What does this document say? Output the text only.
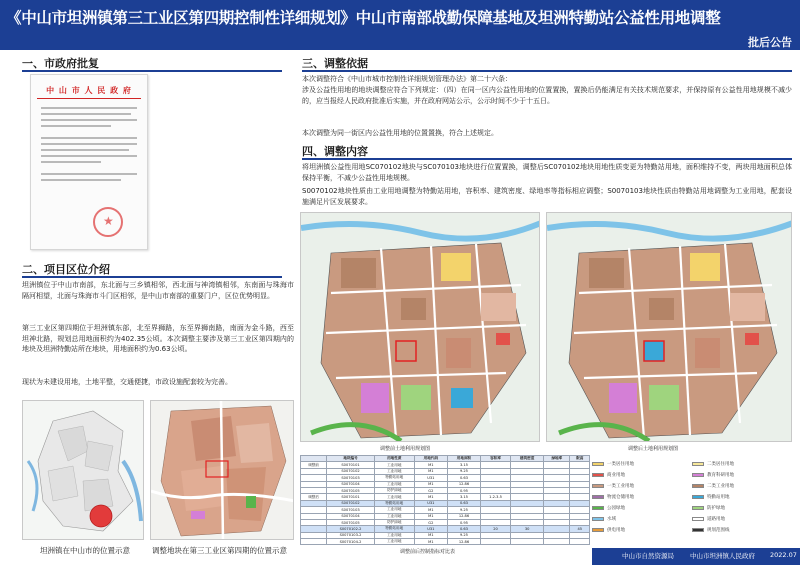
《中山市坦洲镇第三工业区第四期控制性详细规划》中山市南部战勤保障基地及坦洲特勤站公益性用地调整
批后公告
一、市政府批复
中 山 市 人 民 政 府
★
二、项目区位介绍
坦洲镇位于中山市南部，东北面与三乡镇相邻，西北面与神湾镇相邻，东南面与珠海市隔河相望，北面与珠海市斗门区相邻，是中山市南部的重要门户，区位优势明显。
第三工业区第四期位于坦洲镇东部，北至界狮路，东至界狮南路，南面为金斗路，西至坦神北路，规划总用地面积约为402.35公顷。本次调整主要涉及第三工业区第四期内的地块及坦洲特勤站所在地块，用地面积约为0.63公顷。
现状为未建设用地，土地平整，交通便捷，市政设施配套较为完善。
坦洲镇在中山市的位置示意	调整地块在第三工业区第四期的位置示意
三、调整依据
本次调整符合《中山市城市控制性详细规划管理办法》第二十六条：
涉及公益性用地的地块调整应符合下列规定：（四）在同一区内公益性用地的位置置换，置换后仍能满足有关技术规范要求，并保持原有公益性用地规模不减少的，应当报经人民政府批准后实施，并在政府网站公示，公示时间不少于十五日。
本次调整为同一街区内公益性用地的位置置换，符合上述规定。
四、调整内容
将坦洲镇公益性用地SC070102地块与SC070103地块进行位置置换，调整后SC070102地块用地性质变更为特勤站用地，面积维持不变，两块用地面积总体保持平衡，不减少公益性用地规模。
S0070102地块性质由工业用地调整为特勤站用地，容积率、建筑密度、绿地率等指标相应调整；S0070103地块性质由特勤站用地调整为工业用地，配套设施满足片区发展要求。
调整前土地利用规划图	调整后土地利用规划图
	地块编号	用地性质	用地代码	用地面积	容积率	建筑密度	绿地率	限高
调整前	S0070101	工业用地	M1	3.15				
	S0070102	工业用地	M1	9.25				
	S0070103	特勤站用地	U31	0.63				
	S0070104	工业用地	M1	12.86				
	S0070105	防护绿地	G2	0.95				
调整后	S0070101	工业用地	M1	3.15	1.2-3.5			
	S0070102	特勤站用地	U31	0.63				
	S0070103	工业用地	M1	9.25				
	S0070104	工业用地	M1	12.86				
	S0070105	防护绿地	G2	0.95				
	S0070102-2	特勤站用地	U31	0.63	20	30		45
	S0070103-2	工业用地	M1	9.25				
	S0070104-2	工业用地	M1	12.86				
调整前后控制指标对比表
一类居住用地	二类居住用地
商业用地	教育科研用地
一类工业用地	二类工业用地
物流仓储用地	特勤站用地
公园绿地	防护绿地
水域	道路用地
供电用地	规划范围线
中山市自然资源局 中山市坦洲镇人民政府 2022.07
